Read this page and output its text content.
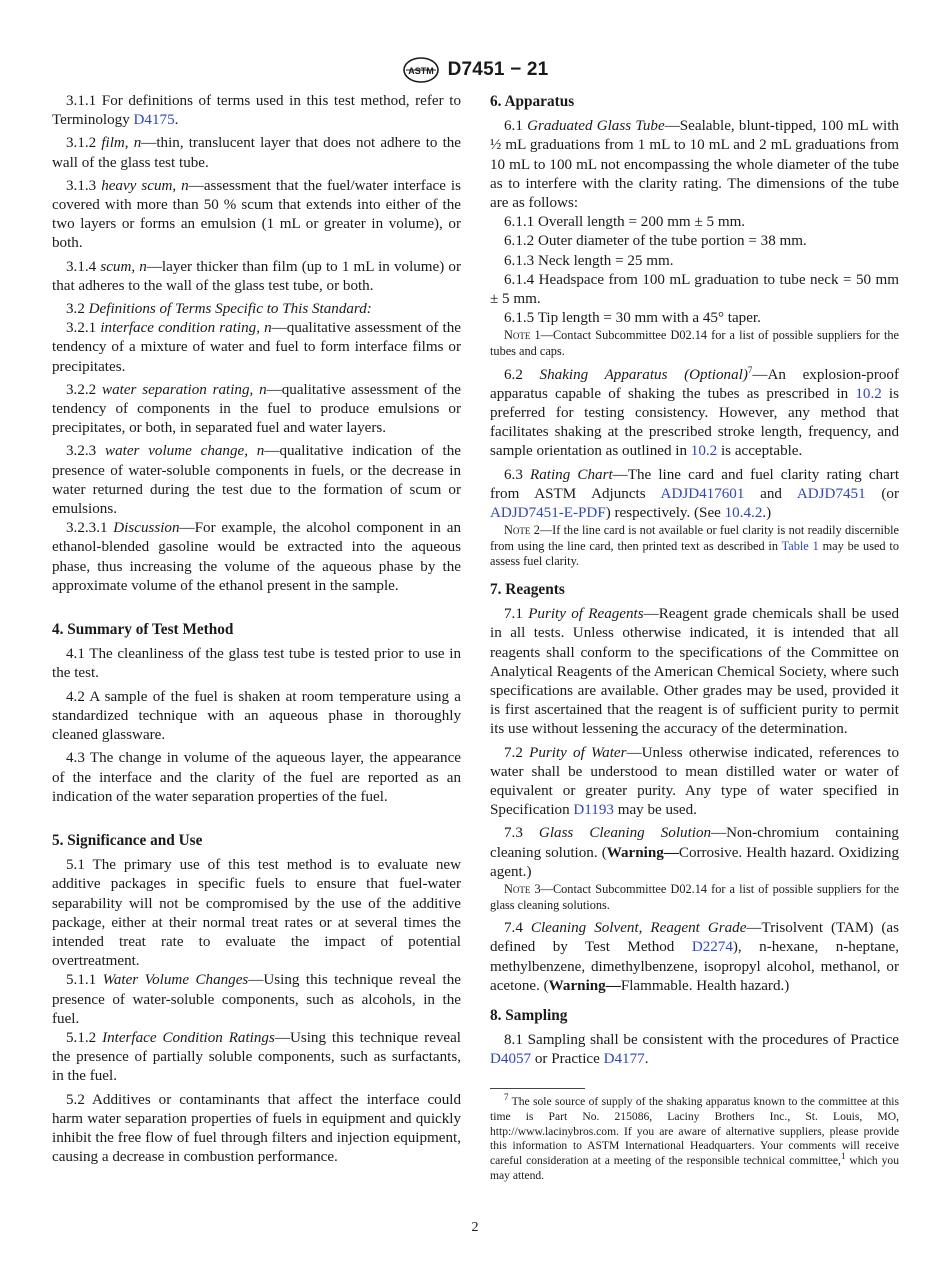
ASTM D7451 − 21

3.1.1 For definitions of terms used in this test method, refer to Terminology D4175.

3.1.2 film, n—thin, translucent layer that does not adhere to the wall of the glass test tube.

3.1.3 heavy scum, n—assessment that the fuel/water interface is covered with more than 50 % scum that extends into either of the two layers or forms an emulsion (1 mL or greater in volume), or both.

3.1.4 scum, n—layer thicker than film (up to 1 mL in volume) or that adheres to the wall of the glass test tube, or both.

3.2 Definitions of Terms Specific to This Standard:

3.2.1 interface condition rating, n—qualitative assessment of the tendency of a mixture of water and fuel to form interface films or precipitates.

3.2.2 water separation rating, n—qualitative assessment of the tendency of components in the fuel to produce emulsions or precipitates, or both, in separated fuel and water layers.

3.2.3 water volume change, n—qualitative indication of the presence of water-soluble components in fuels, or the decrease in water returned during the test due to the formation of scum or emulsions.

3.2.3.1 Discussion—For example, the alcohol component in an ethanol-blended gasoline would be extracted into the aqueous phase, thus increasing the volume of the aqueous phase by the approximate volume of the ethanol present in the sample.

4. Summary of Test Method

4.1 The cleanliness of the glass test tube is tested prior to use in the test.

4.2 A sample of the fuel is shaken at room temperature using a standardized technique with an aqueous phase in thoroughly cleaned glassware.

4.3 The change in volume of the aqueous layer, the appearance of the interface and the clarity of the fuel are reported as an indication of the water separation properties of the fuel.

5. Significance and Use

5.1 The primary use of this test method is to evaluate new additive packages in specific fuels to ensure that fuel-water separability will not be compromised by the use of the additive package, either at their normal treat rates or at several times the intended treat rate to evaluate the impact of potential overtreatment.

5.1.1 Water Volume Changes—Using this technique reveal the presence of water-soluble components, such as alcohols, in the fuel.

5.1.2 Interface Condition Ratings—Using this technique reveal the presence of partially soluble components, such as surfactants, in the fuel.

5.2 Additives or contaminants that affect the interface could harm water separation properties of fuels in equipment and quickly inhibit the free flow of fuel through filters and injection equipment, causing a decrease in combustion performance.

6. Apparatus

6.1 Graduated Glass Tube—Sealable, blunt-tipped, 100 mL with ½ mL graduations from 1 mL to 10 mL and 2 mL graduations from 10 mL to 100 mL not encompassing the whole diameter of the tube as to interfere with the clarity rating. The dimensions of the tube are as follows:

6.1.1 Overall length = 200 mm ± 5 mm.

6.1.2 Outer diameter of the tube portion = 38 mm.

6.1.3 Neck length = 25 mm.

6.1.4 Headspace from 100 mL graduation to tube neck = 50 mm ± 5 mm.

6.1.5 Tip length = 30 mm with a 45° taper.

Note 1—Contact Subcommittee D02.14 for a list of possible suppliers for the tubes and caps.

6.2 Shaking Apparatus (Optional)$^7$—An explosion-proof apparatus capable of shaking the tubes as prescribed in 10.2 is preferred for testing consistency. However, any method that facilitates shaking at the prescribed stroke length, frequency, and sample orientation as outlined in 10.2 is acceptable.

6.3 Rating Chart—The line card and fuel clarity rating chart from ASTM Adjuncts ADJD417601 and ADJD7451 (or ADJD7451-E-PDF) respectively. (See 10.4.2.)

Note 2—If the line card is not available or fuel clarity is not readily discernible from using the line card, then printed text as described in Table 1 may be used to assess fuel clarity.

7. Reagents

7.1 Purity of Reagents—Reagent grade chemicals shall be used in all tests. Unless otherwise indicated, it is intended that all reagents shall conform to the specifications of the Committee on Analytical Reagents of the American Chemical Society, where such specifications are available. Other grades may be used, provided it is first ascertained that the reagent is of sufficient purity to permit its use without lessening the accuracy of the determination.

7.2 Purity of Water—Unless otherwise indicated, references to water shall be understood to mean distilled water or water of equivalent or greater purity. Any type of water specified in Specification D1193 may be used.

7.3 Glass Cleaning Solution—Non-chromium containing cleaning solution. (Warning—Corrosive. Health hazard. Oxidizing agent.)

Note 3—Contact Subcommittee D02.14 for a list of possible suppliers for the glass cleaning solutions.

7.4 Cleaning Solvent, Reagent Grade—Trisolvent (TAM) (as defined by Test Method D2274), n-hexane, n-heptane, methylbenzene, dimethylbenzene, isopropyl alcohol, methanol, or acetone. (Warning—Flammable. Health hazard.)

8. Sampling

8.1 Sampling shall be consistent with the procedures of Practice D4057 or Practice D4177.

$^7$ The sole source of supply of the shaking apparatus known to the committee at this time is Part No. 215086, Laciny Brothers Inc., St. Louis, MO, http://www.lacinybros.com. If you are aware of alternative suppliers, please provide this information to ASTM International Headquarters. Your comments will receive careful consideration at a meeting of the responsible technical committee,$^1$ which you may attend.

2
